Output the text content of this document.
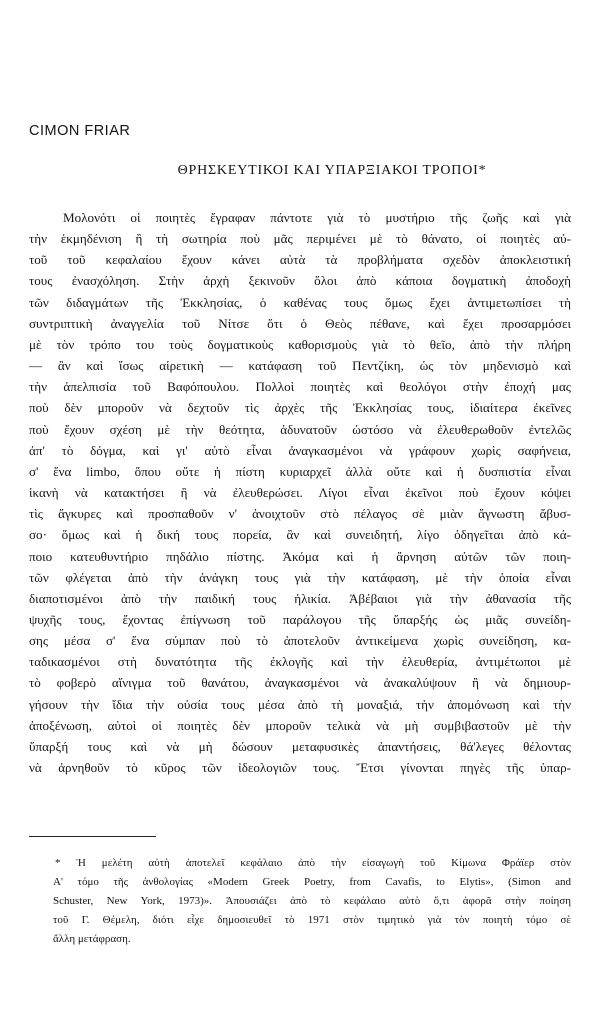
CIMON FRIAR
ΘΡΗΣΚΕΥΤΙΚΟΙ ΚΑΙ ΥΠΑΡΞΙΑΚΟΙ ΤΡΟΠΟΙ*
Μολονότι οἱ ποιητὲς ἔγραφαν πάντοτε γιὰ τὸ μυστήριο τῆς ζωῆς καὶ γιὰ
τὴν ἑκμηδένιση ἢ τὴ σωτηρία ποὺ μᾶς περιμένει μὲ τὸ θάνατο, οἱ ποιητὲς αὐ-
τοῦ τοῦ κεφαλαίου ἔχουν κάνει αὐτὰ τὰ προβλήματα σχεδὸν ἀποκλειστική
τους ἐνασχόληση. Στὴν ἀρχὴ ξεκινοῦν ὅλοι ἀπὸ κάποια δογματικὴ ἀποδοχὴ
τῶν διδαγμάτων τῆς Ἐκκλησίας, ὁ καθένας τους ὅμως ἔχει ἀντιμετωπίσει τὴ
συντριπτικὴ ἀναγγελία τοῦ Νίτσε ὅτι ὁ Θεὸς πέθανε, καὶ ἔχει προσαρμόσει
μὲ τὸν τρόπο του τοὺς δογματικοὺς καθορισμοὺς γιὰ τὸ θεῖο, ἀπὸ τὴν πλήρη
— ἂν καὶ ἴσως αἱρετικὴ — κατάφαση τοῦ Πεντζίκη, ὡς τὸν μηδενισμὸ καὶ
τὴν ἀπελπισία τοῦ Βαφόπουλου. Πολλοὶ ποιητὲς καὶ θεολόγοι στὴν ἐποχή μας
ποὺ δὲν μποροῦν νὰ δεχτοῦν τὶς ἀρχὲς τῆς Ἐκκλησίας τους, ἰδιαίτερα ἐκεῖνες
ποὺ ἔχουν σχέση μὲ τὴν θεότητα, ἀδυνατοῦν ὡστόσο νὰ ἐλευθερωθοῦν ἐντελῶς
ἀπ' τὸ δόγμα, καὶ γι' αὐτὸ εἶναι ἀναγκασμένοι νὰ γράφουν χωρὶς σαφήνεια,
σ' ἕνα limbo, ὅπου οὔτε ἡ πίστη κυριαρχεῖ ἀλλὰ οὔτε καὶ ἡ δυσπιστία εἶναι
ἱκανὴ νὰ κατακτήσει ἢ νὰ ἐλευθερώσει. Λίγοι εἶναι ἐκεῖνοι ποὺ ἔχουν κόψει
τὶς ἄγκυρες καὶ προσπαθοῦν ν' ἀνοιχτοῦν στὸ πέλαγος σὲ μιὰν ἄγνωστη ἄβυσ-
σο· ὅμως καὶ ἡ δική τους πορεία, ἂν καὶ συνειδητή, λίγο ὁδηγεῖται ἀπὸ κά-
ποιο κατευθυντήριο πηδάλιο πίστης. Ἀκόμα καὶ ἡ ἄρνηση αὐτῶν τῶν ποιη-
τῶν φλέγεται ἀπὸ τὴν ἀνάγκη τους γιὰ τὴν κατάφαση, μὲ τὴν ὁποία εἶναι
διαποτισμένοι ἀπὸ τὴν παιδική τους ἡλικία. Ἀβέβαιοι γιὰ τὴν ἀθανασία τῆς
ψυχῆς τους, ἔχοντας ἐπίγνωση τοῦ παράλογου τῆς ὕπαρξής ὡς μιᾶς συνείδη-
σης μέσα σ' ἕνα σύμπαν ποὺ τὸ ἀποτελοῦν ἀντικείμενα χωρὶς συνείδηση, κα-
ταδικασμένοι στὴ δυνατότητα τῆς ἐκλογῆς καὶ τὴν ἐλευθερία, ἀντιμέτωποι μὲ
τὸ φοβερὸ αἴνιγμα τοῦ θανάτου, ἀναγκασμένοι νὰ ἀνακαλύψουν ἢ νὰ δημιουρ-
γήσουν τὴν ἴδια τὴν οὐσία τους μέσα ἀπὸ τὴ μοναξιά, τὴν ἀπομόνωση καὶ τὴν
ἀποξένωση, αὐτοὶ οἱ ποιητὲς δὲν μποροῦν τελικὰ νὰ μὴ συμβιβαστοῦν μὲ τὴν
ὕπαρξή τους καὶ νὰ μὴ δώσουν μεταφυσικὲς ἀπαντήσεις, θά'λεγες θέλοντας
νὰ ἀρνηθοῦν τὸ κῦρος τῶν ἰδεολογιῶν τους. Ἔτσι γίνονται πηγὲς τῆς ὑπαρ-
* Ἡ μελέτη αὐτὴ ἀποτελεῖ κεφάλαιο ἀπὸ τὴν εἰσαγωγὴ τοῦ Κίμωνα Φράϊερ στὸν
Α' τόμο τῆς ἀνθολογίας «Modern Greek Poetry, from Cavafis, to Elytis», (Simon and
Schuster, New York, 1973)». Ἀπουσιάζει ἀπὸ τὸ κεφάλαιο αὐτὸ ὅ,τι ἀφορᾶ στὴν ποίηση
τοῦ Γ. Θέμελη, διότι εἶχε δημοσιευθεῖ τὸ 1971 στὸν τιμητικὸ γιὰ τὸν ποιητὴ τόμο σὲ
ἄλλη μετάφραση.
